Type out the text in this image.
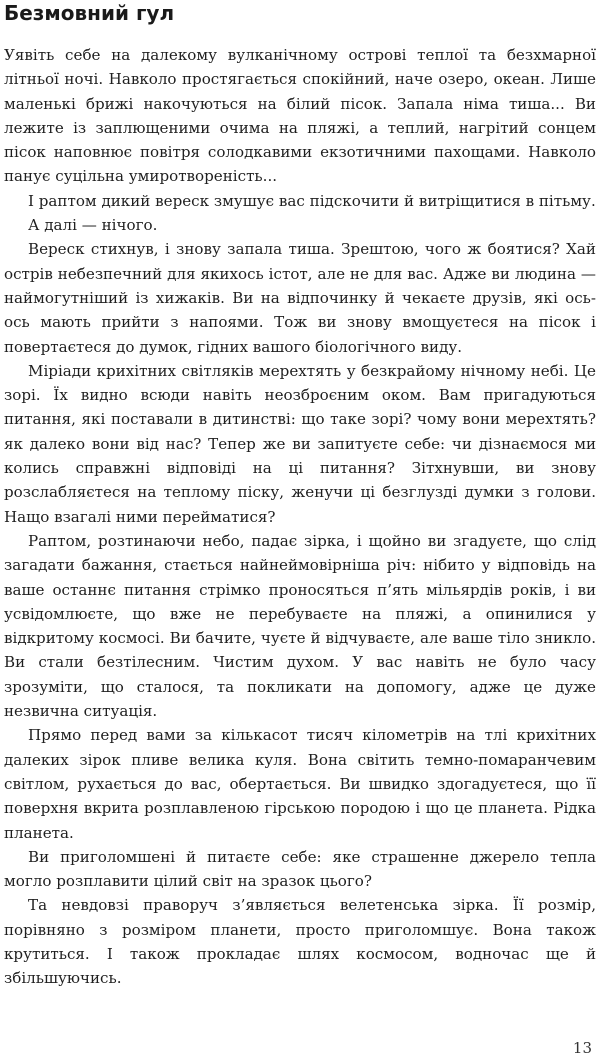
Безмовний гул

Уявіть себе на далекому вулканічному острові теплої та безхмарної літньої ночі. Навколо простягається спокійний, наче озеро, океан. Лише маленькі брижі накочуються на білий пісок. Запала німа тиша... Ви лежите із заплющеними очима на пляжі, а теплий, нагрітий сонцем пісок наповнює повітря солодкавими екзотичними пахощами. Навколо панує суцільна умиротвореність...

І раптом дикий вереск змушує вас підскочити й витріщитися в пітьму.

А далі — нічого.

Вереск стихнув, і знову запала тиша. Зрештою, чого ж боятися? Хай острів небезпечний для якихось істот, але не для вас. Адже ви людина — наймогутніший із хижаків. Ви на відпочинку й чекаєте друзів, які ось-ось мають прийти з напоями. Тож ви знову вмощуєтеся на пісок і повертаєтеся до думок, гідних вашого біологічного виду.

Міріади крихітних світляків мерехтять у безкрайому нічному небі. Це зорі. Їх видно всюди навіть неозброєним оком. Вам пригадуються питання, які поставали в дитинстві: що таке зорі? чому вони мерехтять? як далеко вони від нас? Тепер же ви запитуєте себе: чи дізнаємося ми колись справжні відповіді на ці питання? Зітхнувши, ви знову розслабляєтеся на теплому піску, женучи ці безглузді думки з голови. Нащо взагалі ними перейматися?

Раптом, розтинаючи небо, падає зірка, і щойно ви згадуєте, що слід загадати бажання, стається найнеймовірніша річ: нібито у відповідь на ваше останнє питання стрімко проносяться п’ять мільярдів років, і ви усвідомлюєте, що вже не перебуваєте на пляжі, а опинилися у відкритому космосі. Ви бачите, чуєте й відчуваєте, але ваше тіло зникло. Ви стали безтілесним. Чистим духом. У вас навіть не було часу зрозуміти, що сталося, та покликати на допомогу, адже це дуже незвична ситуація.

Прямо перед вами за кількасот тисяч кілометрів на тлі крихітних далеких зірок пливе велика куля. Вона світить темно-помаранчевим світлом, рухається до вас, обертається. Ви швидко здогадуєтеся, що її поверхня вкрита розплавленою гірською породою і що це планета. Рідка планета.

Ви приголомшені й питаєте себе: яке страшенне джерело тепла могло розплавити цілий світ на зразок цього?

Та невдовзі праворуч з’являється велетенська зірка. Її розмір, порівняно з розміром планети, просто приголомшує. Вона також крутиться. І також прокладає шлях космосом, водночас ще й збільшуючись.

13
